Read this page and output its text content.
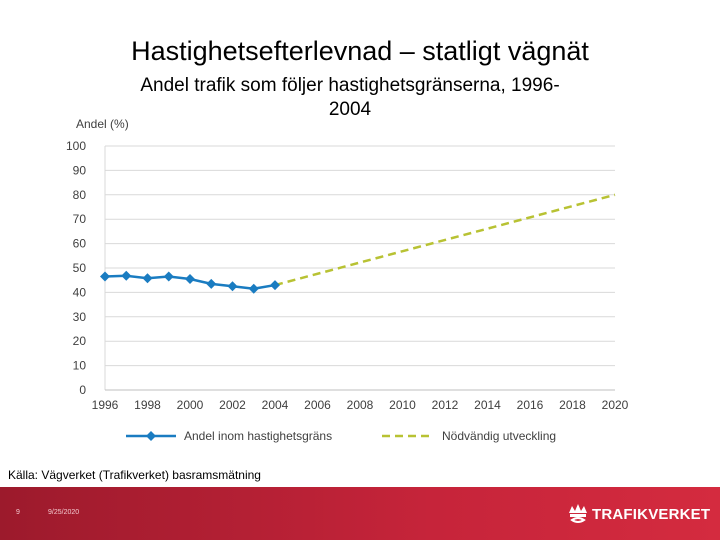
Hastighetsefterlevnad – statligt vägnät
Andel trafik som följer hastighetsgränserna, 1996-2004
0
10
20
30
40
50
60
70
80
90
100
Andel (%)
1996 1998 2000 2002 2004 2006 2008 2010 2012 2014 2016 2018 2020
Andel inom hastighetsgräns	Nödvändig utveckling
Källa: Vägverket (Trafikverket) basramsmätning
9	9/25/2020	TRAFIKVERKET
